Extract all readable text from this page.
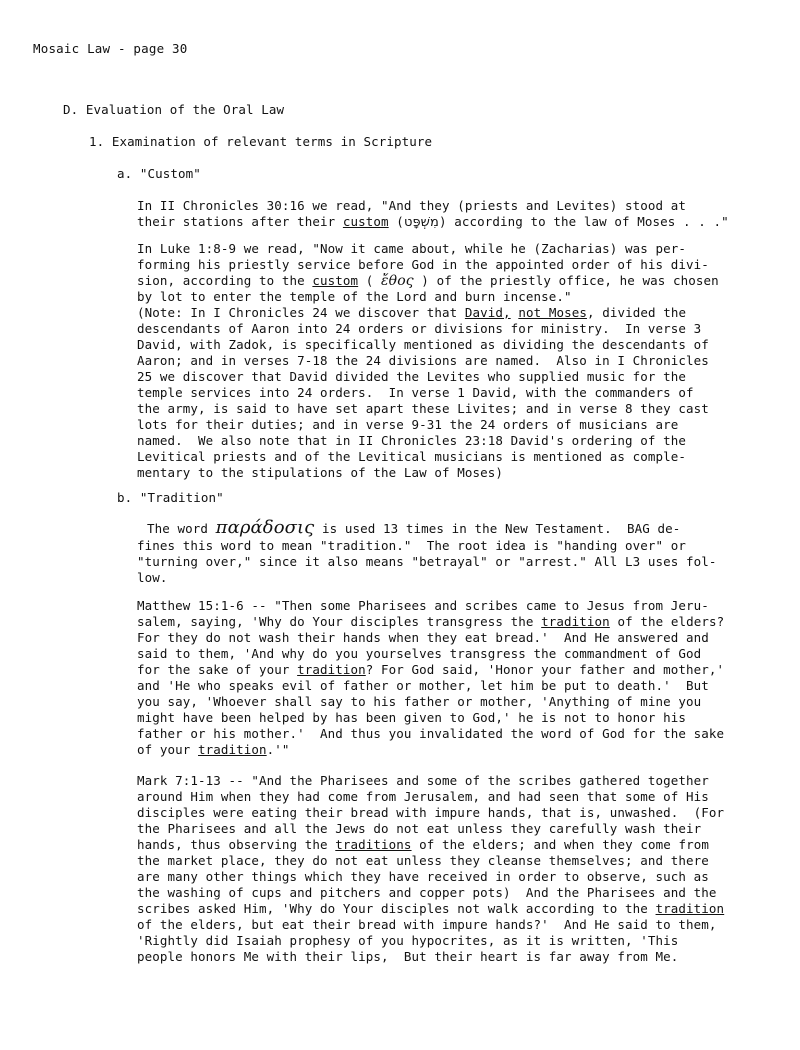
Mosaic Law - page 30
D. Evaluation of the Oral Law
1. Examination of relevant terms in Scripture
a. "Custom"
In II Chronicles 30:16 we read, "And they (priests and Levites) stood at
their stations after their custom (מִשְׁפָּט) according to the law of Moses . . ."
In Luke 1:8-9 we read, "Now it came about, while he (Zacharias) was per-
forming his priestly service before God in the appointed order of his divi-
sion, according to the custom ( ἔθος ) of the priestly office, he was chosen
by lot to enter the temple of the Lord and burn incense."
(Note: In I Chronicles 24 we discover that David, not Moses, divided the

descendants of Aaron into 24 orders or divisions for ministry.  In verse 3
David, with Zadok, is specifically mentioned as dividing the descendants of
Aaron; and in verses 7-18 the 24 divisions are named.  Also in I Chronicles
25 we discover that David divided the Levites who supplied music for the
temple services into 24 orders.  In verse 1 David, with the commanders of
the army, is said to have set apart these Livites; and in verse 8 they cast
lots for their duties; and in verse 9-31 the 24 orders of musicians are
named.  We also note that in II Chronicles 23:18 David's ordering of the
Levitical priests and of the Levitical musicians is mentioned as comple-
mentary to the stipulations of the Law of Moses)
b. "Tradition"
The word παράδοσις is used 13 times in the New Testament.  BAG de-

fines this word to mean "tradition."  The root idea is "handing over" or
"turning over," since it also means "betrayal" or "arrest." All L3 uses fol-
low.
Matthew 15:1-6 -- "Then some Pharisees and scribes came to Jesus from Jeru-
salem, saying, 'Why do Your disciples transgress the tradition of the elders?
For they do not wash their hands when they eat bread.'  And He answered and
said to them, 'And why do you yourselves transgress the commandment of God
for the sake of your tradition? For God said, 'Honor your father and mother,'
and 'He who speaks evil of father or mother, let him be put to death.'  But
you say, 'Whoever shall say to his father or mother, 'Anything of mine you
might have been helped by has been given to God,' he is not to honor his
father or his mother.'  And thus you invalidated the word of God for the sake
of your tradition.'"
Mark 7:1-13 -- "And the Pharisees and some of the scribes gathered together
around Him when they had come from Jerusalem, and had seen that some of His
disciples were eating their bread with impure hands, that is, unwashed.  (For
the Pharisees and all the Jews do not eat unless they carefully wash their
hands, thus observing the traditions of the elders; and when they come from
the market place, they do not eat unless they cleanse themselves; and there
are many other things which they have received in order to observe, such as
the washing of cups and pitchers and copper pots)  And the Pharisees and the
scribes asked Him, 'Why do Your disciples not walk according to the tradition
of the elders, but eat their bread with impure hands?'  And He said to them,
'Rightly did Isaiah prophesy of you hypocrites, as it is written, 'This
people honors Me with their lips,  But their heart is far away from Me.
